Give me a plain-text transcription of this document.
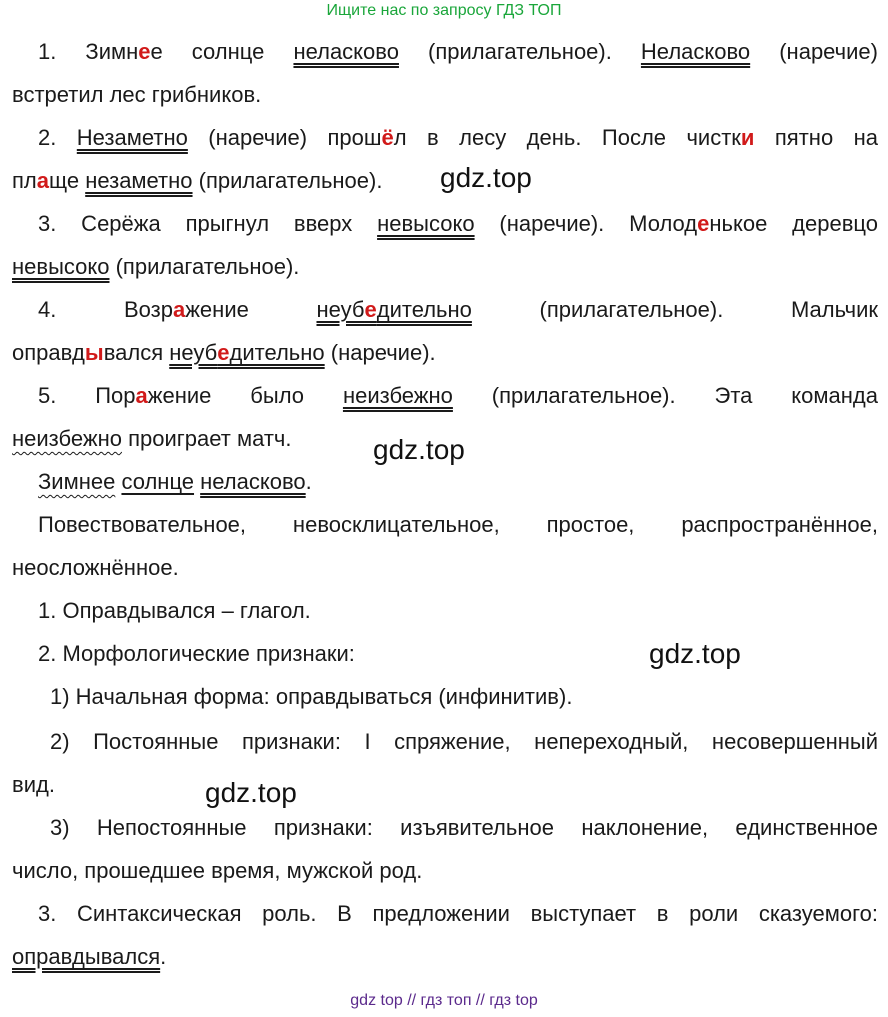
Ищите нас по запросу ГДЗ ТОП
1. Зимнее солнце неласково (прилагательное). Неласково (наречие)
встретил лес грибников.
2. Незаметно (наречие) прошёл в лесу день. После чистки пятно на
плаще незаметно (прилагательное).	gdz.top
3. Серёжа прыгнул вверх невысоко (наречие). Молоденькое деревцо
невысоко (прилагательное).
4. Возражение неубедительно (прилагательное). Мальчик
оправдывался неубедительно (наречие).
5. Поражение было неизбежно (прилагательное). Эта команда
неизбежно проиграет матч.	gdz.top
Зимнее солнце неласково.
Повествовательное, невосклицательное, простое, распространённое,
неосложнённое.
1. Оправдывался – глагол.
2. Морфологические признаки:	gdz.top
1) Начальная форма: оправдываться (инфинитив).
2) Постоянные признаки: I спряжение, непереходный, несовершенный
вид.	gdz.top
3) Непостоянные признаки: изъявительное наклонение, единственное
число, прошедшее время, мужской род.
3. Синтаксическая роль. В предложении выступает в роли сказуемого:
оправдывался.
gdz top // гдз топ // гдз top
